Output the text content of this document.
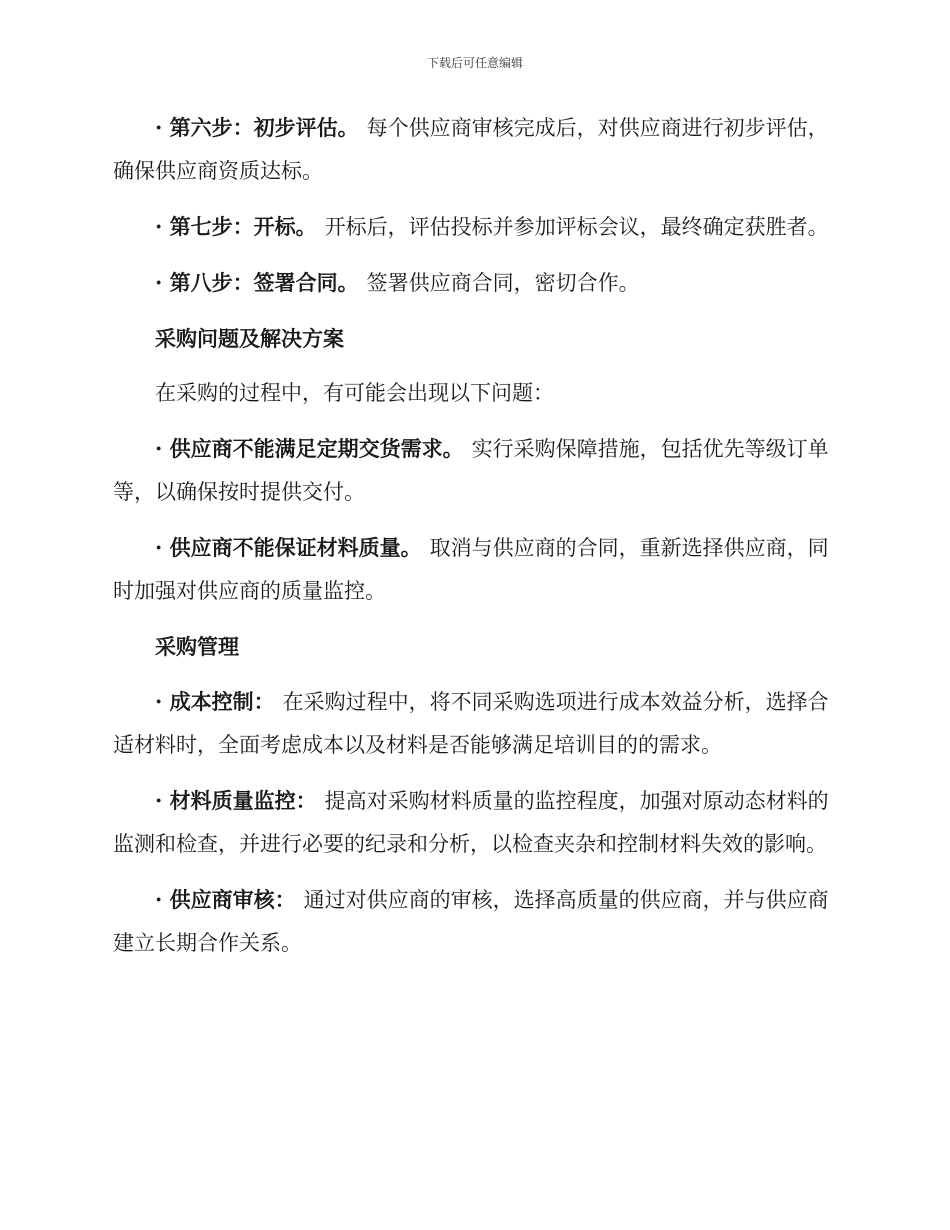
下载后可任意编辑

· 第六步：初步评估。 每个供应商审核完成后，对供应商进行初步评估，确保供应商资质达标。

· 第七步：开标。 开标后，评估投标并参加评标会议，最终确定获胜者。

· 第八步：签署合同。 签署供应商合同，密切合作。

采购问题及解决方案

在采购的过程中，有可能会出现以下问题：

· 供应商不能满足定期交货需求。 实行采购保障措施，包括优先等级订单等，以确保按时提供交付。

· 供应商不能保证材料质量。 取消与供应商的合同，重新选择供应商，同时加强对供应商的质量监控。

采购管理

· 成本控制： 在采购过程中，将不同采购选项进行成本效益分析，选择合适材料时，全面考虑成本以及材料是否能够满足培训目的的需求。

· 材料质量监控： 提高对采购材料质量的监控程度，加强对原动态材料的监测和检查，并进行必要的纪录和分析，以检查夹杂和控制材料失效的影响。

· 供应商审核： 通过对供应商的审核，选择高质量的供应商，并与供应商建立长期合作关系。
